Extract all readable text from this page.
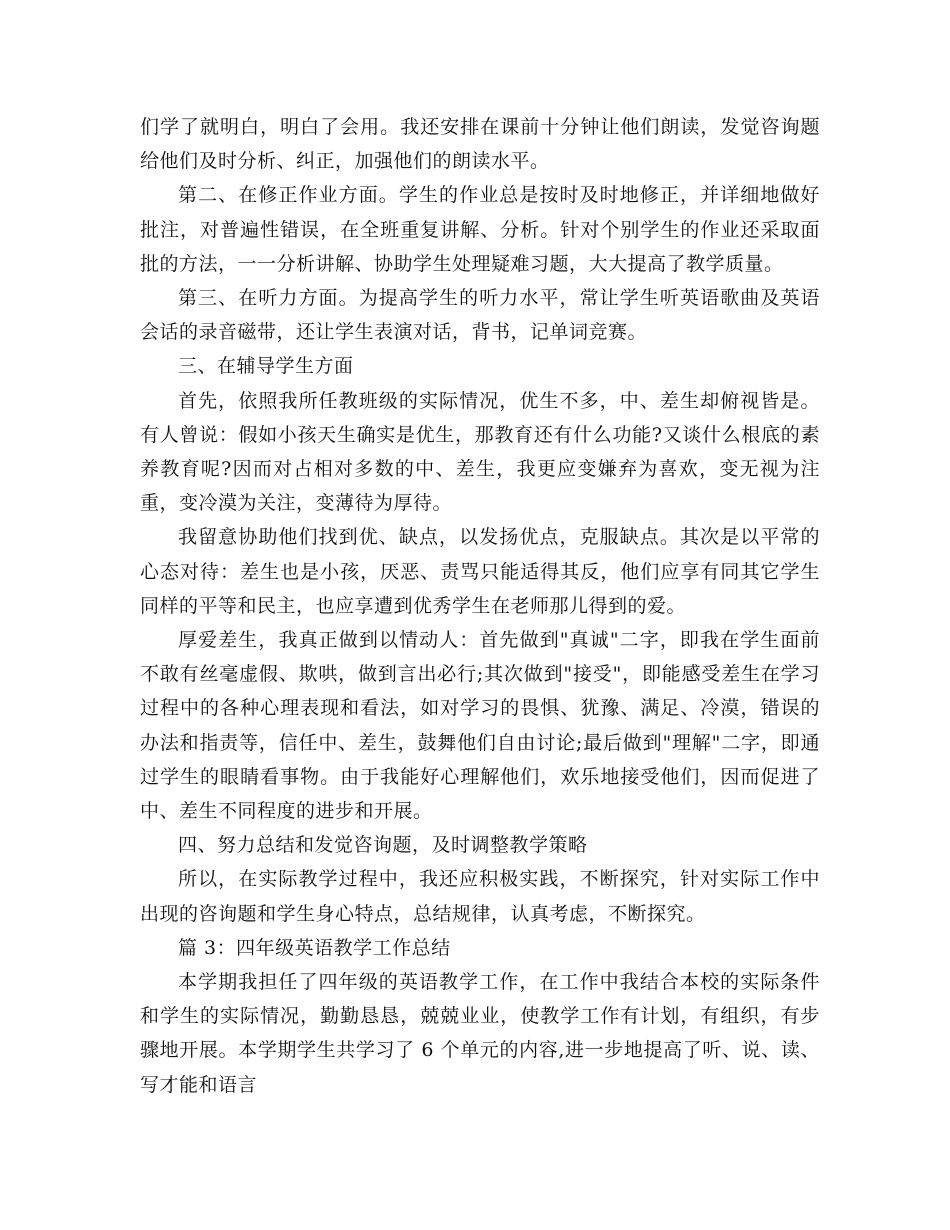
们学了就明白，明白了会用。我还安排在课前十分钟让他们朗读，发觉咨询题给他们及时分析、纠正，加强他们的朗读水平。

第二、在修正作业方面。学生的作业总是按时及时地修正，并详细地做好批注，对普遍性错误，在全班重复讲解、分析。针对个别学生的作业还采取面批的方法，一一分析讲解、协助学生处理疑难习题，大大提高了教学质量。

第三、在听力方面。为提高学生的听力水平，常让学生听英语歌曲及英语会话的录音磁带，还让学生表演对话，背书，记单词竞赛。

三、在辅导学生方面

首先，依照我所任教班级的实际情况，优生不多，中、差生却俯视皆是。有人曾说：假如小孩天生确实是优生，那教育还有什么功能?又谈什么根底的素养教育呢?因而对占相对多数的中、差生，我更应变嫌弃为喜欢，变无视为注重，变冷漠为关注，变薄待为厚待。

我留意协助他们找到优、缺点，以发扬优点，克服缺点。其次是以平常的心态对待：差生也是小孩，厌恶、责骂只能适得其反，他们应享有同其它学生同样的平等和民主，也应享遭到优秀学生在老师那儿得到的爱。

厚爱差生，我真正做到以情动人：首先做到"真诚"二字，即我在学生面前不敢有丝毫虚假、欺哄，做到言出必行;其次做到"接受"，即能感受差生在学习过程中的各种心理表现和看法，如对学习的畏惧、犹豫、满足、冷漠，错误的办法和指责等，信任中、差生，鼓舞他们自由讨论;最后做到"理解"二字，即通过学生的眼睛看事物。由于我能好心理解他们，欢乐地接受他们，因而促进了中、差生不同程度的进步和开展。

四、努力总结和发觉咨询题，及时调整教学策略

所以，在实际教学过程中，我还应积极实践，不断探究，针对实际工作中出现的咨询题和学生身心特点，总结规律，认真考虑，不断探究。

篇 3：四年级英语教学工作总结

本学期我担任了四年级的英语教学工作，在工作中我结合本校的实际条件和学生的实际情况，勤勤恳恳，兢兢业业，使教学工作有计划，有组织，有步骤地开展。本学期学生共学习了 6 个单元的内容,进一步地提高了听、说、读、写才能和语言
